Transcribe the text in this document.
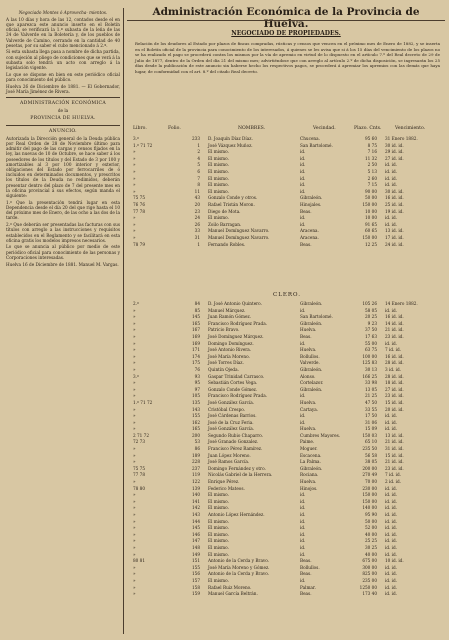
Negociado Montes ó Aprovecha- mientos.

A las 10 días y hora de las 12, contados desde el en que aparezca este anuncio inserto en el Boletín oficial, se verificará la 1.ª subasta de la leña de las 24 de Valverde en la Boletería y, de los pueblos de Valverde de Camino, cerrando en la cantidad de 40 pesetas, por su saber el cubo mencionado á 2.ª.

Si esta subasta llega pasa a nombre de dicha partida, con sujeción al pliego de condiciones que se verá á la subasta solo tendrá un acto con arreglo á la legislación vigente.

Lo que se dispone en bien en este periódico oficial para conocimiento del público.

Huelva 26 de Diciembre de 1881. — El Gobernador, José María Jiménez de Rivera.

ADMINISTRACIÓN ECONÓMICA

de la

PROVINCIA DE HUELVA.

ANUNCIO.

Autorizada la Dirección general de la Deuda pública por Real Orden de 28 de Noviembre último para admitir del pago de las cargas y censos fijados en la ley, las nuevas de 10 de Octubre, se hace saber á los poseedores de los títulos y del Estado de 3 por 100 y amortizables al 3 por 100 interior y exterior, obligaciones del Estado por ferrocarriles de ó incluidos en determinados documentos, y prescritos los títulos de la Deuda no redimidos, deberán presentar dentro del plazo de 7 del presente mes en la oficina provincial á sus efectos, según manda el siguiente:

1.º Que la presentación tendrá lugar en esta Dependencia desde el día 20 del que rige hasta el 10 del próximo mes de Enero, de las ocho a las dos de la tarde.

2.º Que deberán ser presentadas las facturas con sus títulos con arreglo a las instrucciones y requisitos establecidos en el Reglamento y se facilitará en esta oficina gratis los modelos impresos necesarios.

Lo que se anuncia al público por medio de este periódico oficial para conocimiento de las personas y Corporaciones interesadas.

Huelva 16 de Diciembre de 1881. Manuel M. Vargas.

Administración Económica de la Provincia de Huelva.
NEGOCIADO DE PROPIEDADES.
Relación de los deudores al Estado por plazos de fincas compradas, rústicas y censos que vencen en el próximo mes de Enero de 1882, y se inserta en el Boletín oficial de la provincia para conocimiento de los interesados, á quienes se les avisa que si á los 15 días del vencimiento de los plazos no se ha realizado el pago se procederá contra los mismos por la vía de apremio en virtud de lo dispuesto en el artículo 7.º del Real decreto de 29 de Julio de 1877, dentro de la Orden del día 21 del mismo mes; advirtiéndose que con arreglo al artículo 2.º de dicha disposición, se ingresarán los 25 días desde la publicación de este anuncio sin haberse hecho los respectivos pagos, se procederá á apremiar los apremios con las demás que haya lugar, de conformidad con el art. 8.º del citado Real decreto.
Libro.	Folio.	NOMBRES.	Vecindad.	Plazo. Cnts.	Vencimiento.
3.º	233 D. Joaquín Díaz Díaz.	Chucena.	95 60 31 Enero 1882.
1.º 71 72	1 José Vázquez Muñoz.	San Bartolomé.	8 75 30 id. id.
»	2 El mismo.	id.	7 16 29 id. id.
»	4 El mismo.	id.	11 32 27 id. id.
»	5 El mismo.	id.	2 50 id. id.
»	6 El mismo.	id.	5 13 id. id.
»	7 El mismo.	id.	2 60 id. id.
»	8 El mismo.	id.	7 15 id. id.
»	11 El mismo.	id.	90 00 30 id. id.
75 75	43 Gonzalo Conde y otros.	Gibraleón.	50 00 16 id. id.
76 76	20 Rafael Tristán Moron.	Hinojales.	150 00 25 id. id.
77 78	23 Diego de Mota.	Beas.	10 00 19 id. id.
»	24 El mismo.	id.	10 00 id. id.
»	26 Zoilo Barragan.	id.	91 65 id. id.
»	33 Manuel Domínguez Navarro.	Aracena.	60 65 13 id. id.
»	31 Manuel Domínguez Navarro.	Aracena.	150 00 17 id. id.
78 79	1 Fernando Robles.	Beas.	12 25 24 id. id.
CLERO.
2.º	84 D. José Antonio Quintero.	Gibraleón.	105 26 14 Enero 1882.
»	85 Manuel Márquez.	id.	58 05 id. id.
»	145 Juan Ramón Gómez.	San Bartolomé.	20 25 16 id. id.
»	165 Francisco Rodríguez Prada.	Gibraleón.	9 23 14 id. id.
»	167 Patricio Bravo.	Huelva.	37 50 21 id. id.
»	169 José Domínguez Márquez.	Beas.	17 63 23 id. id.
»	169 Domingo Domínguez.	id.	55 00 id. id.
»	171 José Antonio Rivera.	Huelva.	63 75 7 id. id.
»	174 José María Moreno.	Bollullos.	100 00 16 id. id.
»	175 José Torres Díaz.	Valverde.	125 83 28 id. id.
»	76 Quintín Ojeda.	Gibraleón.	30 13 3 id. id.
3.º	93 Gaspar Trinidad Carrasco.	Alonso.	166 25 28 id. id.
»	95 Sebastián Cortes Vega.	Cortelazor.	33 98 18 id. id.
»	97 Gonzalo Conde Gómez.	Gibraleón.	13 05 27 id. id.
»	105 Francisco Rodríguez Prada.	id.	21 25 23 id. id.
1.º 71 72	135 José González García.	Huelva.	47 50 15 id. id.
»	143 Cristóbal Crespo.	Cartaya.	33 55 20 id. id.
»	155 José Cárdenas Barrios.	id.	17 50 id. id.
»	162 José de la Cruz Feria.	id.	31 06 id. id.
»	165 José González García.	Huelva.	15 09 id. id.
2 71 72	200 Segundo Rubio Chaparro.	Cumbres Mayores.	150 03 13 id. id.
72 73	53 José Granado Gonzalez.	Paime.	65 10 21 id. id.
»	86 Francisco Pérez Ramírez.	Moguer.	235 50 31 id. id.
»	189 Juan López Moreno.	Escacena.	56 58 15 id. id.
»	228 José Ramos García.	La Palma.	38 05 21 id. id.
75 75	237 Domingo Fernández y otro.	Gibraleón.	200 00 23 id. id.
77 78	119 Nicolás Gabriel de la Herrera.	Rociana.	270 49 7 id. id.
»	122 Enrique Pérez.	Huelva.	70 00 2 id. id.
78 80	139 Federico Mateos.	Hinojos.	230 00 id. id.
»	140 El mismo.	id.	150 00 id. id.
»	141 El mismo.	id.	150 00 id. id.
»	142 El mismo.	id.	140 00 id. id.
»	143 Antonio López Hernández.	id.	95 90 id. id.
»	144 El mismo.	id.	50 00 id. id.
»	145 El mismo.	id.	52 00 id. id.
»	146 El mismo.	id.	40 00 id. id.
»	147 El mismo.	id.	25 25 id. id.
»	148 El mismo.	id.	30 25 id. id.
»	149 El mismo.	id.	40 00 id. id.
80 81	151 Antonio de la Cerda y Bravo.	Beas.	675 00 10 id. id.
»	155 José María Moreno y Gómez.	Bollullos.	300 00 id. id.
»	156 Antonio de la Cerda y Bravo.	Beas.	825 00 id. id.
»	157 El mismo.	id.	235 00 id. id.
»	158 Rafael Ruiz Moreno.	Palmar.	1250 00 id. id.
»	159 Manuel García Beltrán.	Beas.	173 40 id. id.
